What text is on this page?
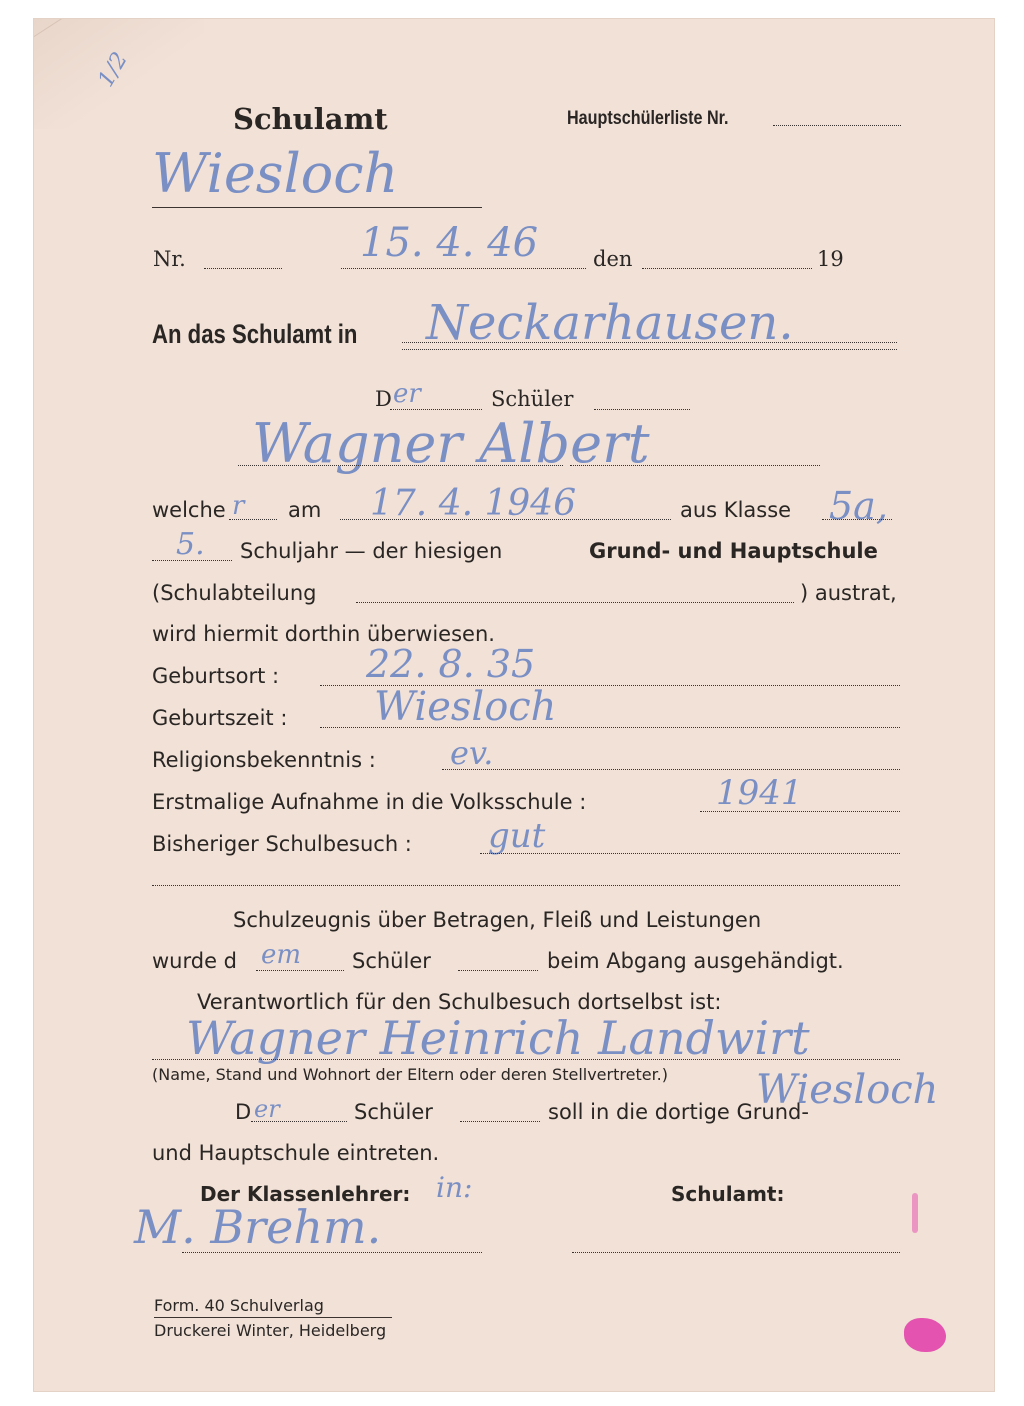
1/2
Schulamt	Hauptschülerliste Nr.
Wiesloch
Nr.	15. 4. 46	den	19
An das Schulamt in Neckarhausen.
D er	Schüler
Wagner Albert
welche r am 17. 4. 1946	aus Klasse 5a,
5. Schuljahr — der hiesigen	Grund- und Hauptschule
(Schulabteilung	) austrat,
wird hiermit dorthin überwiesen.
Geburtsort : 22. 8. 35
Geburtszeit : Wiesloch
Religionsbekenntnis : ev.
Erstmalige Aufnahme in die Volksschule :	1941
Bisheriger Schulbesuch : gut
Schulzeugnis über Betragen, Fleiß und Leistungen
wurde d em Schüler	beim Abgang ausgehändigt.
Verantwortlich für den Schulbesuch dortselbst ist:
Wagner Heinrich Landwirt
(Name, Stand und Wohnort der Eltern oder deren Stellvertreter.) Wiesloch
D er	Schüler	soll in die dortige Grund-
und Hauptschule eintreten.
Der Klassenlehrer: in:	Schulamt:
M. Brehm.
Form. 40 Schulverlag
Druckerei Winter, Heidelberg
